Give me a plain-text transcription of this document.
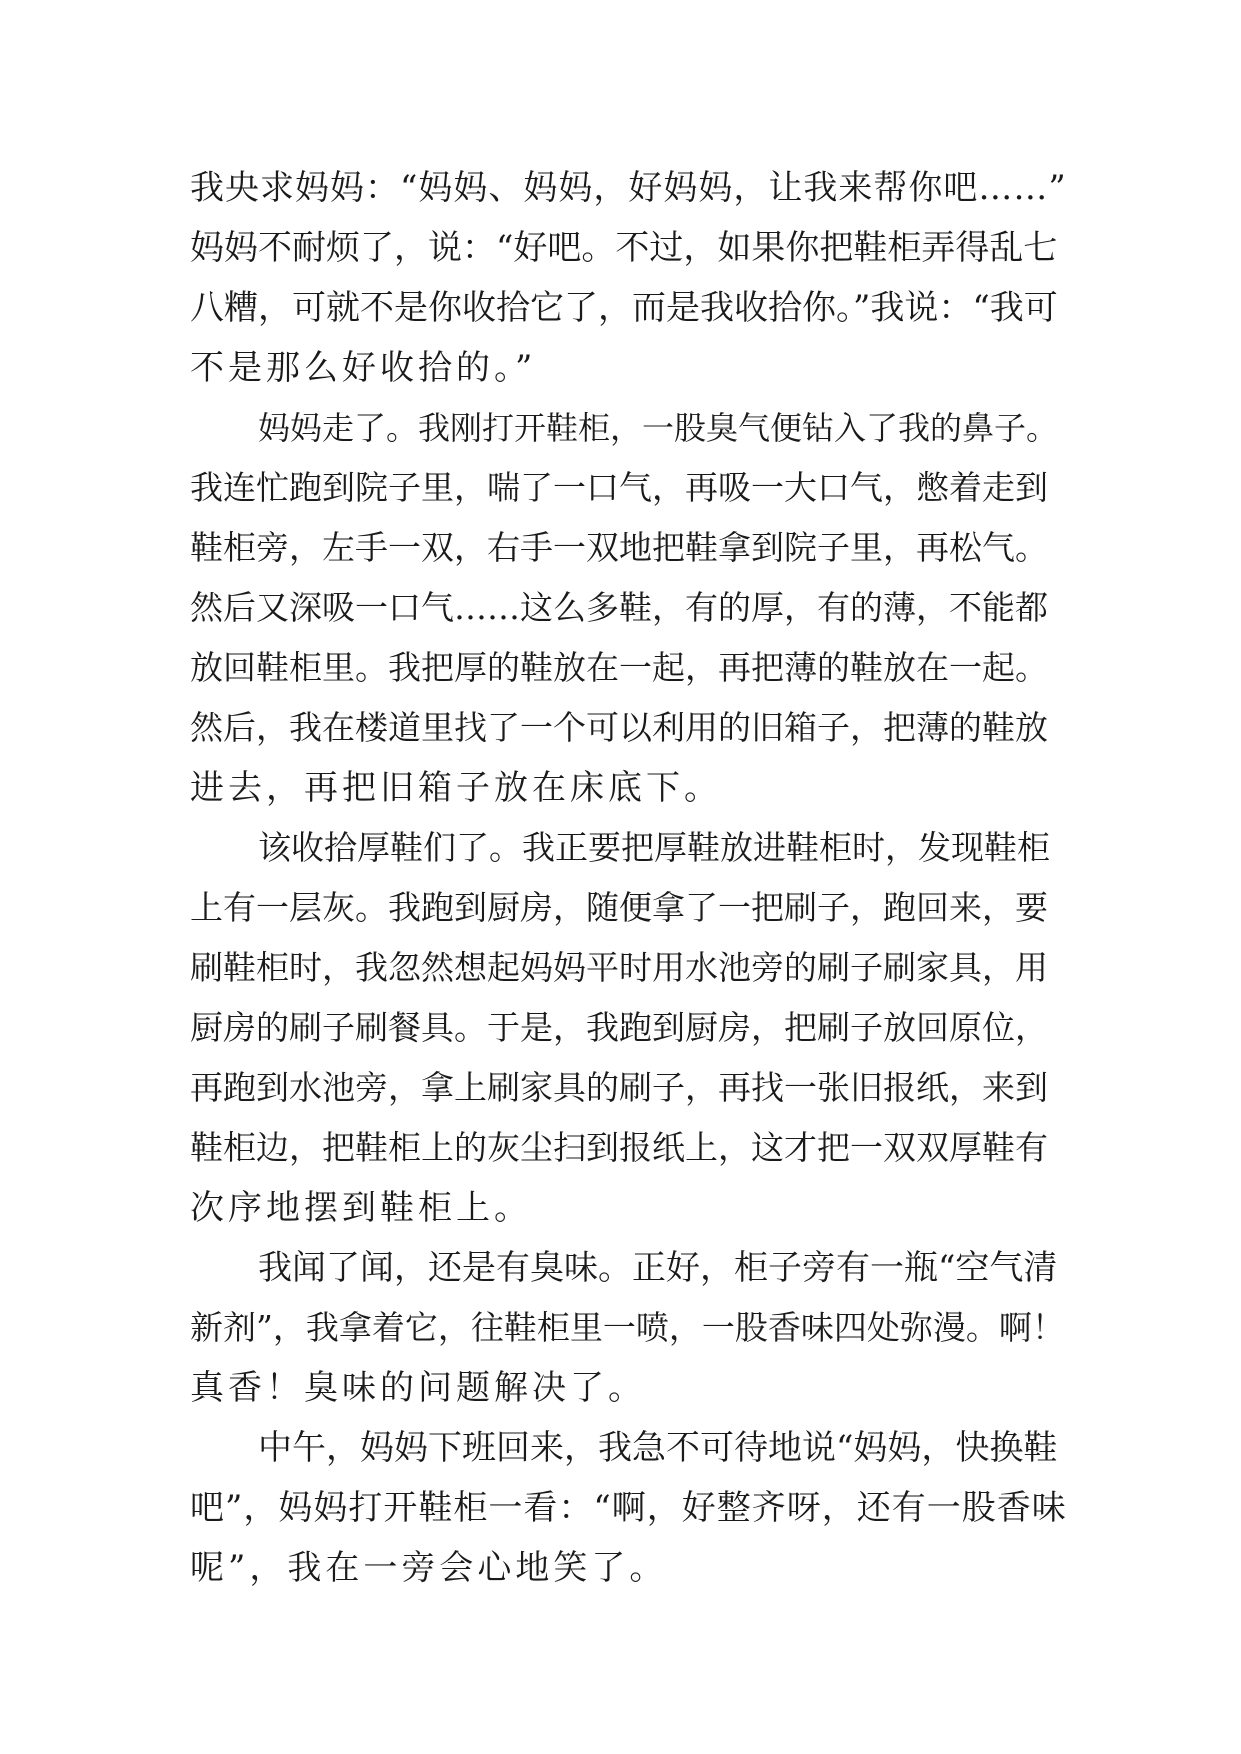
我央求妈妈：“妈妈、妈妈，好妈妈，让我来帮你吧……”
妈妈不耐烦了，说：“好吧。不过，如果你把鞋柜弄得乱七
八糟，可就不是你收拾它了，而是我收拾你。”我说：“我可
不是那么好收拾的。”
妈妈走了。我刚打开鞋柜，一股臭气便钻入了我的鼻子。
我连忙跑到院子里，喘了一口气，再吸一大口气，憋着走到
鞋柜旁，左手一双，右手一双地把鞋拿到院子里，再松气。
然后又深吸一口气……这么多鞋，有的厚，有的薄，不能都
放回鞋柜里。我把厚的鞋放在一起，再把薄的鞋放在一起。
然后，我在楼道里找了一个可以利用的旧箱子，把薄的鞋放
进去，再把旧箱子放在床底下。
该收拾厚鞋们了。我正要把厚鞋放进鞋柜时，发现鞋柜
上有一层灰。我跑到厨房，随便拿了一把刷子，跑回来，要
刷鞋柜时，我忽然想起妈妈平时用水池旁的刷子刷家具，用
厨房的刷子刷餐具。于是，我跑到厨房，把刷子放回原位，
再跑到水池旁，拿上刷家具的刷子，再找一张旧报纸，来到
鞋柜边，把鞋柜上的灰尘扫到报纸上，这才把一双双厚鞋有
次序地摆到鞋柜上。
我闻了闻，还是有臭味。正好，柜子旁有一瓶“空气清
新剂”，我拿着它，往鞋柜里一喷，一股香味四处弥漫。啊！
真香！臭味的问题解决了。
中午，妈妈下班回来，我急不可待地说“妈妈，快换鞋
吧”，妈妈打开鞋柜一看：“啊，好整齐呀，还有一股香味
呢”，我在一旁会心地笑了。
